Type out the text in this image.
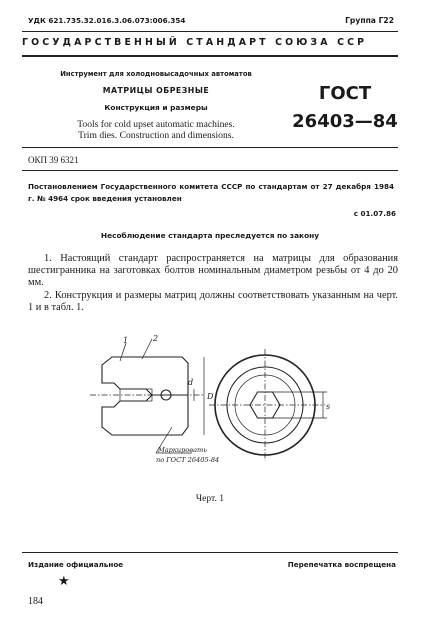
УДК 621.735.32.016.3.06.073:006.354	Группа Г22
ГОСУДАРСТВЕННЫЙ СТАНДАРТ СОЮЗА ССР
Инструмент для холодновысадочных автоматов
МАТРИЦЫ ОБРЕЗНЫЕ
Конструкция и размеры
Tools for cold upset automatic machines.
Trim dies. Construction and dimensions.
ГОСТ
26403—84
ОКП 39 6321
Постановлением Государственного комитета СССР по стандартам от 27 декабря 1984 г. № 4964 срок введения установлен
с 01.07.86
Несоблюдение стандарта преследуется по закону
1. Настоящий стандарт распространяется на матрицы для образования шестигранника на заготовках болтов номинальным диаметром резьбы от 4 до 20 мм.
2. Конструкция и размеры матриц должны соответствовать указанным на черт. 1 и в табл. 1.
1	2
d
D
Маркировать
по ГОСТ 26405-84
s
Черт. 1
Издание официальное	Перепечатка воспрещена
★
184
